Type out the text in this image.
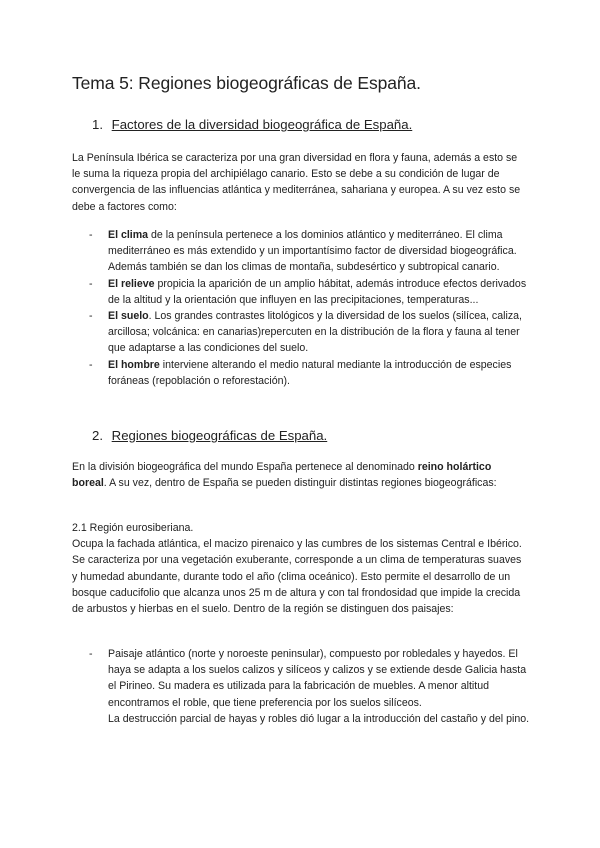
Tema 5: Regiones biogeográficas de España.
1. Factores de la diversidad biogeográfica de España.

La Península Ibérica se caracteriza por una gran diversidad en flora y fauna, además a esto se le suma la riqueza propia del archipiélago canario. Esto se debe a su condición de lugar de convergencia de las influencias atlántica y mediterránea, sahariana y europea. A su vez esto se debe a factores como:

- El clima de la península pertenece a los dominios atlántico y mediterráneo. El clima mediterráneo es más extendido y un importantísimo factor de diversidad biogeográfica. Además también se dan los climas de montaña, subdesértico y subtropical canario.
- El relieve propicia la aparición de un amplio hábitat, además introduce efectos derivados de la altitud y la orientación que influyen en las precipitaciones, temperaturas...
- El suelo. Los grandes contrastes litológicos y la diversidad de los suelos (silícea, caliza, arcillosa; volcánica: en canarias)repercuten en la distribución de la flora y fauna al tener que adaptarse a las condiciones del suelo.
- El hombre interviene alterando el medio natural mediante la introducción de especies foráneas (repoblación o reforestación).
2. Regiones biogeográficas de España.

En la división biogeográfica del mundo España pertenece al denominado reino holártico boreal. A su vez, dentro de España se pueden distinguir distintas regiones biogeográficas:

2.1 Región eurosiberiana.
Ocupa la fachada atlántica, el macizo pirenaico y las cumbres de los sistemas Central e Ibérico. Se caracteriza por una vegetación exuberante, corresponde a un clima de temperaturas suaves y humedad abundante, durante todo el año (clima oceánico). Esto permite el desarrollo de un bosque caducifolio que alcanza unos 25 m de altura y con tal frondosidad que impide la crecida de arbustos y hierbas en el suelo. Dentro de la región se distinguen dos paisajes:

- Paisaje atlántico (norte y noroeste peninsular), compuesto por robledales y hayedos. El haya se adapta a los suelos calizos y silíceos y calizos y se extiende desde Galicia hasta el Pirineo. Su madera es utilizada para la fabricación de muebles. A menor altitud encontramos el roble, que tiene preferencia por los suelos silíceos.
La destrucción parcial de hayas y robles dió lugar a la introducción del castaño y del pino.
